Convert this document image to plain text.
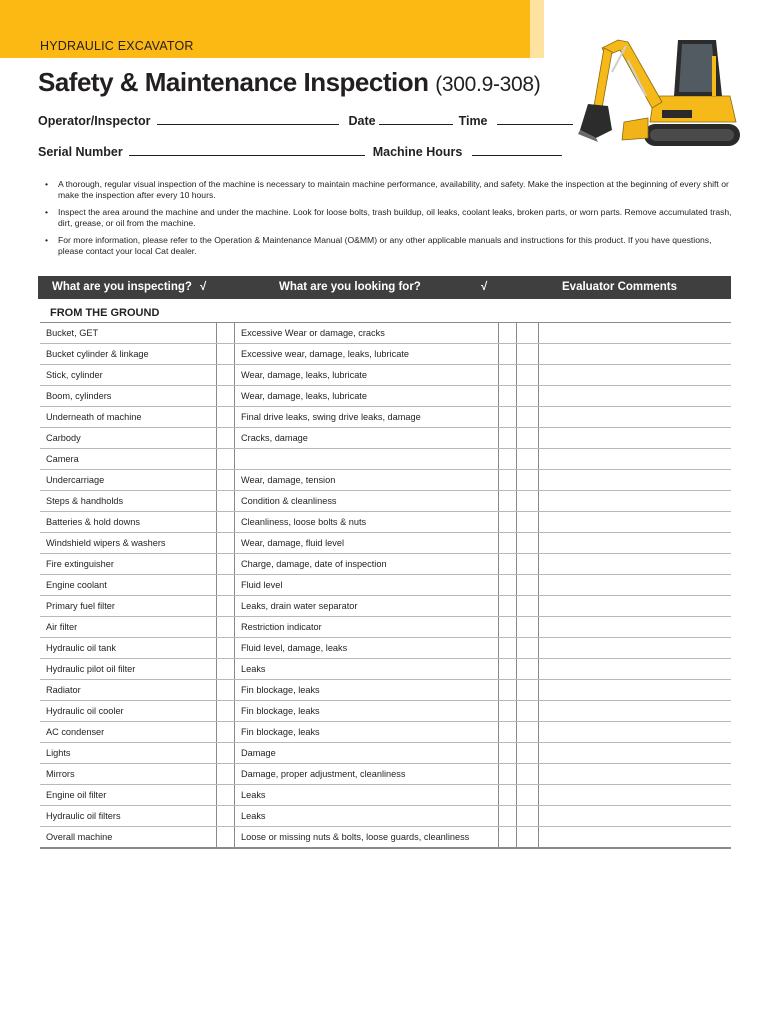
HYDRAULIC EXCAVATOR
Safety & Maintenance Inspection (300.9-308)
Operator/Inspector	Date	Time
Serial Number	Machine Hours
• A thorough, regular visual inspection of the machine is necessary to maintain machine performance, availability, and safety. Make the inspection at the beginning of every shift or make the inspection after every 10 hours.
• Inspect the area around the machine and under the machine. Look for loose bolts, trash buildup, oil leaks, coolant leaks, broken parts, or worn parts. Remove accumulated trash, dirt, grease, or oil from the machine.
• For more information, please refer to the Operation & Maintenance Manual (O&MM) or any other applicable manuals and instructions for this product. If you have questions, please contact your local Cat dealer.
What are you inspecting? √	What are you looking for?	√	Evaluator Comments
FROM THE GROUND
Bucket, GET	Excessive Wear or damage, cracks
Bucket cylinder & linkage	Excessive wear, damage, leaks, lubricate
Stick, cylinder	Wear, damage, leaks, lubricate
Boom, cylinders	Wear, damage, leaks, lubricate
Underneath of machine	Final drive leaks, swing drive leaks, damage
Carbody	Cracks, damage
Camera
Undercarriage	Wear, damage, tension
Steps & handholds	Condition & cleanliness
Batteries & hold downs	Cleanliness, loose bolts & nuts
Windshield wipers & washers	Wear, damage, fluid level
Fire extinguisher	Charge, damage, date of inspection
Engine coolant	Fluid level
Primary fuel filter	Leaks, drain water separator
Air filter	Restriction indicator
Hydraulic oil tank	Fluid level, damage, leaks
Hydraulic pilot oil filter	Leaks
Radiator	Fin blockage, leaks
Hydraulic oil cooler	Fin blockage, leaks
AC condenser	Fin blockage, leaks
Lights	Damage
Mirrors	Damage, proper adjustment, cleanliness
Engine oil filter	Leaks
Hydraulic oil filters	Leaks
Overall machine	Loose or missing nuts & bolts, loose guards, cleanliness
